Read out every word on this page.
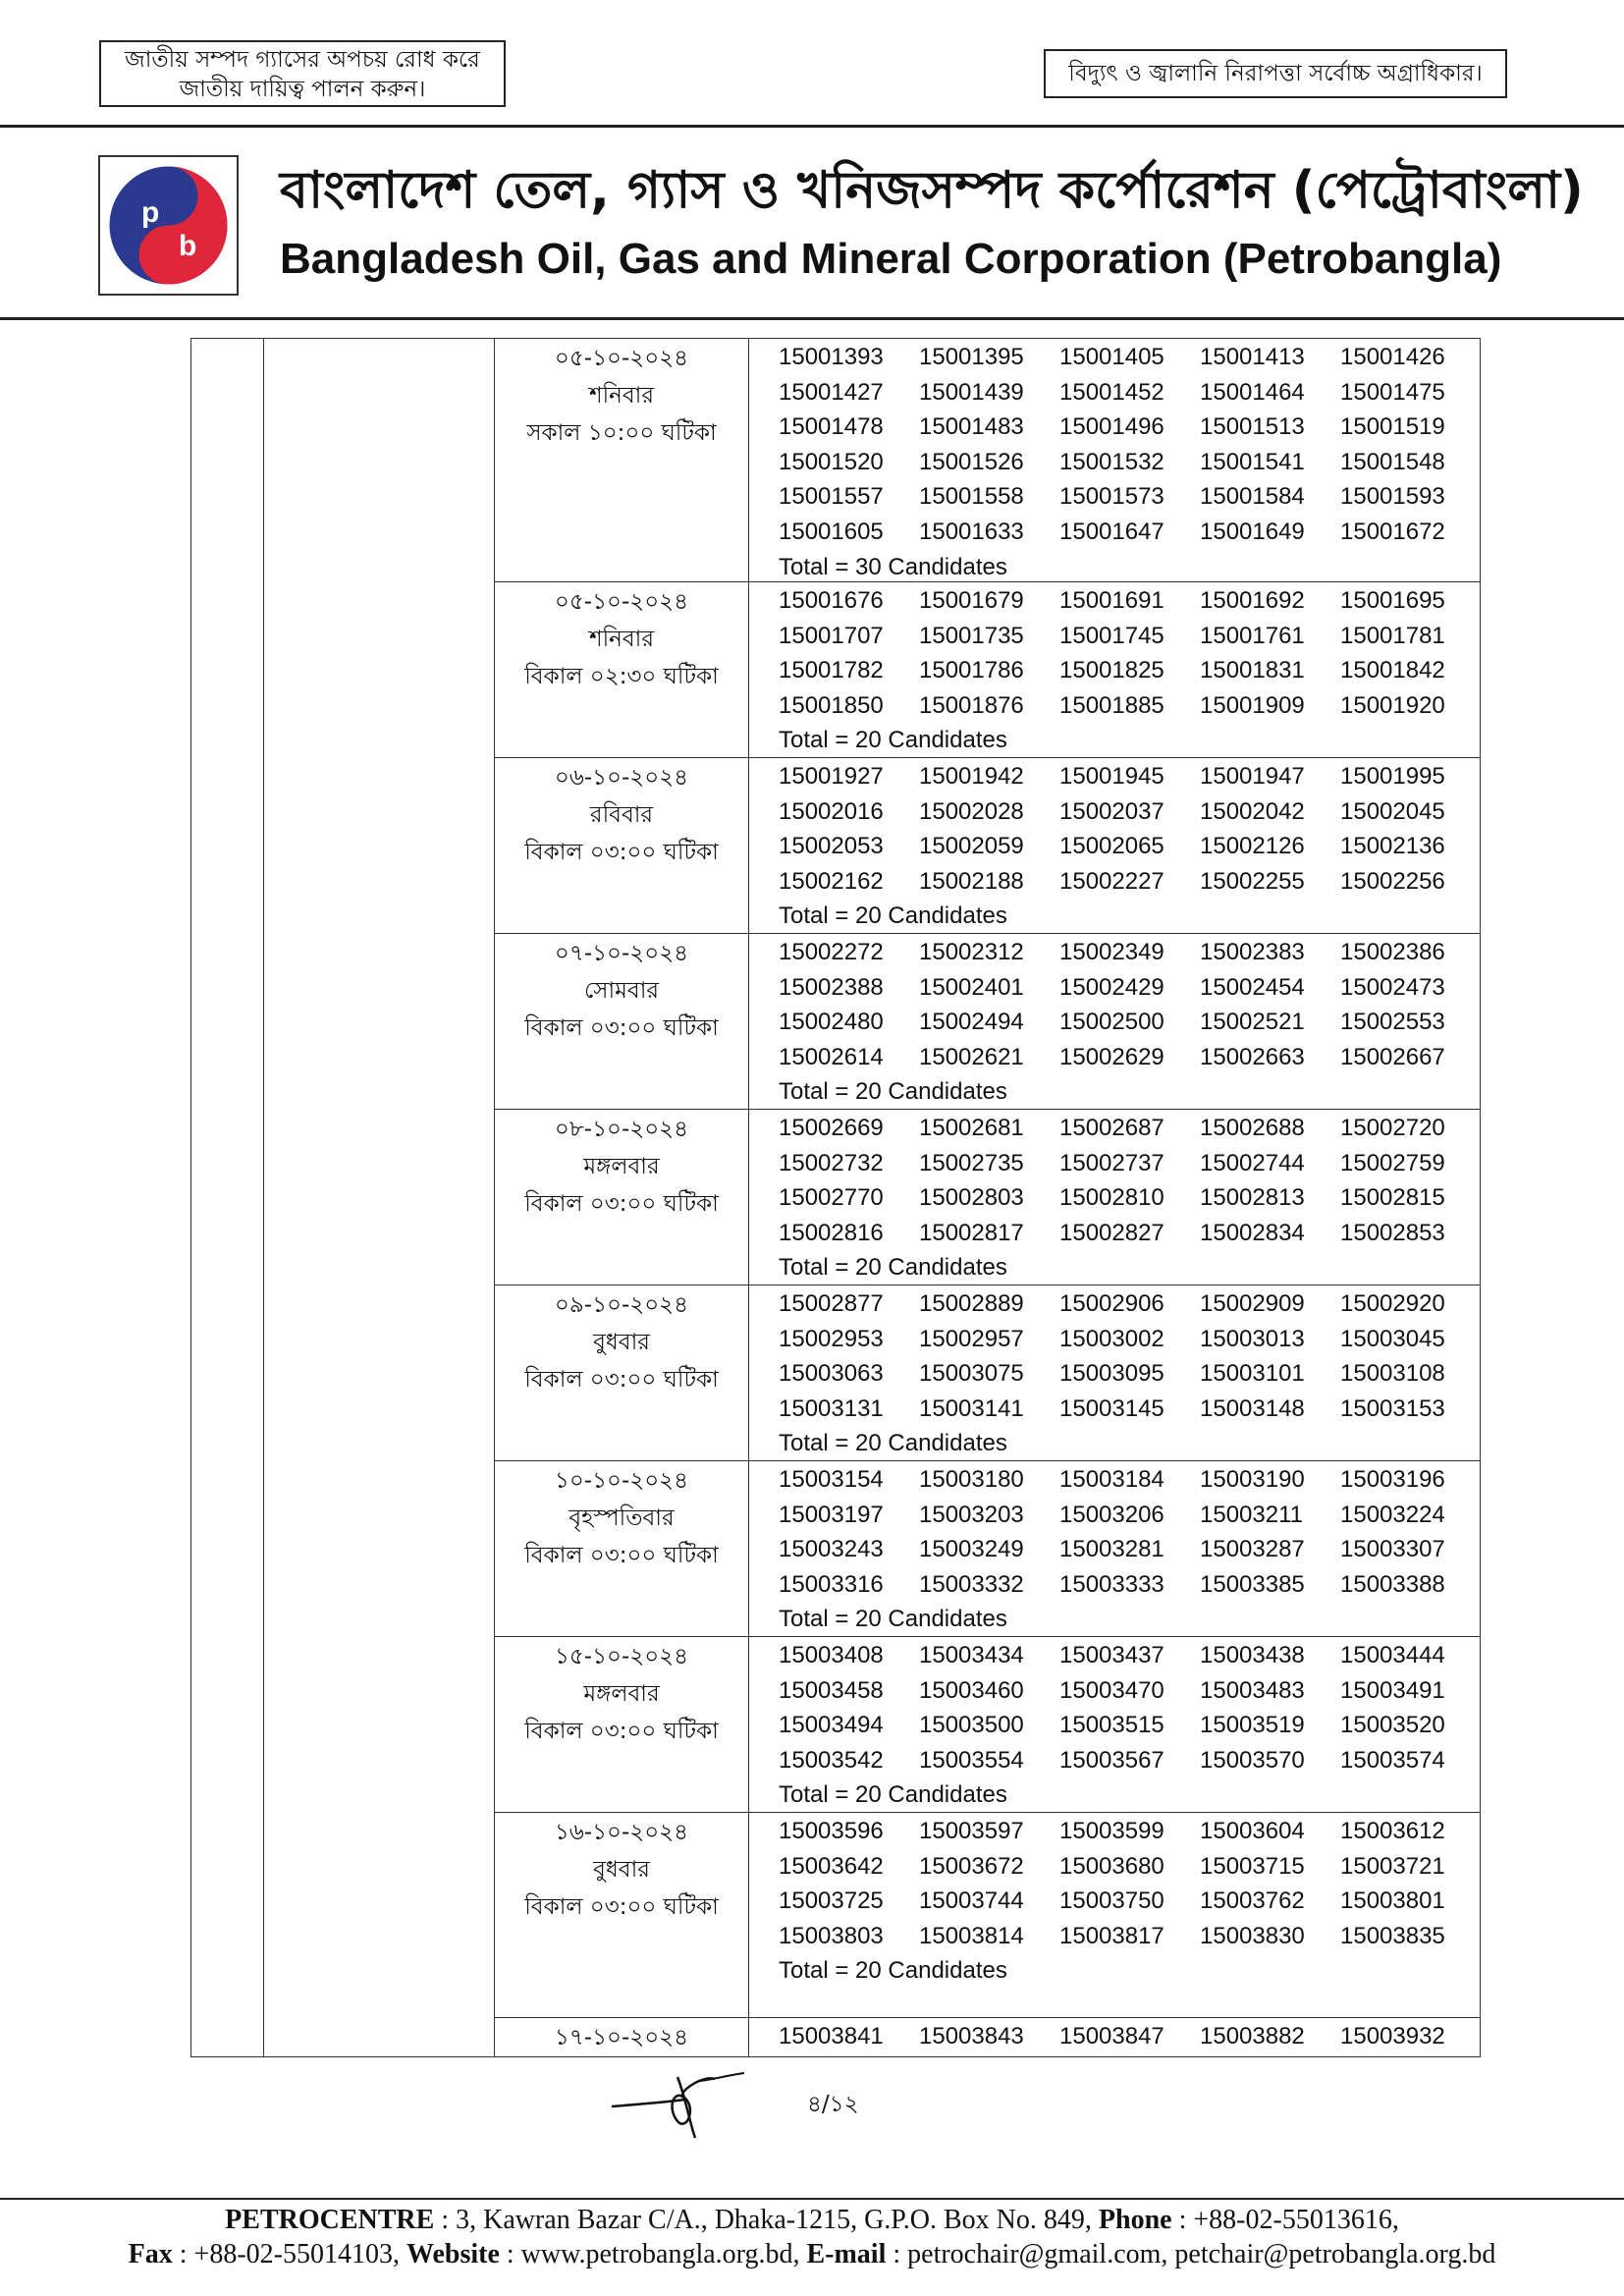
জাতীয় সম্পদ গ্যাসের অপচয় রোধ করে
জাতীয় দায়িত্ব পালন করুন।
বিদ্যুৎ ও জ্বালানি নিরাপত্তা সর্বোচ্চ অগ্রাধিকার।
p
b
বাংলাদেশ তেল, গ্যাস ও খনিজসম্পদ কর্পোরেশন (পেট্রোবাংলা)
Bangladesh Oil, Gas and Mineral Corporation (Petrobangla)
০৫-১০-২০২৪
শনিবার
সকাল ১০:০০ ঘটিকা
15001393 15001395 15001405 15001413 15001426
15001427 15001439 15001452 15001464 15001475
15001478 15001483 15001496 15001513 15001519
15001520 15001526 15001532 15001541 15001548
15001557 15001558 15001573 15001584 15001593
15001605 15001633 15001647 15001649 15001672
Total = 30 Candidates
০৫-১০-২০২৪
শনিবার
বিকাল ০২:৩০ ঘটিকা
15001676 15001679 15001691 15001692 15001695
15001707 15001735 15001745 15001761 15001781
15001782 15001786 15001825 15001831 15001842
15001850 15001876 15001885 15001909 15001920
Total = 20 Candidates
০৬-১০-২০২৪
রবিবার
বিকাল ০৩:০০ ঘটিকা
15001927 15001942 15001945 15001947 15001995
15002016 15002028 15002037 15002042 15002045
15002053 15002059 15002065 15002126 15002136
15002162 15002188 15002227 15002255 15002256
Total = 20 Candidates
০৭-১০-২০২৪
সোমবার
বিকাল ০৩:০০ ঘটিকা
15002272 15002312 15002349 15002383 15002386
15002388 15002401 15002429 15002454 15002473
15002480 15002494 15002500 15002521 15002553
15002614 15002621 15002629 15002663 15002667
Total = 20 Candidates
০৮-১০-২০২৪
মঙ্গলবার
বিকাল ০৩:০০ ঘটিকা
15002669 15002681 15002687 15002688 15002720
15002732 15002735 15002737 15002744 15002759
15002770 15002803 15002810 15002813 15002815
15002816 15002817 15002827 15002834 15002853
Total = 20 Candidates
০৯-১০-২০২৪
বুধবার
বিকাল ০৩:০০ ঘটিকা
15002877 15002889 15002906 15002909 15002920
15002953 15002957 15003002 15003013 15003045
15003063 15003075 15003095 15003101 15003108
15003131 15003141 15003145 15003148 15003153
Total = 20 Candidates
১০-১০-২০২৪
বৃহস্পতিবার
বিকাল ০৩:০০ ঘটিকা
15003154 15003180 15003184 15003190 15003196
15003197 15003203 15003206 15003211 15003224
15003243 15003249 15003281 15003287 15003307
15003316 15003332 15003333 15003385 15003388
Total = 20 Candidates
১৫-১০-২০২৪
মঙ্গলবার
বিকাল ০৩:০০ ঘটিকা
15003408 15003434 15003437 15003438 15003444
15003458 15003460 15003470 15003483 15003491
15003494 15003500 15003515 15003519 15003520
15003542 15003554 15003567 15003570 15003574
Total = 20 Candidates
১৬-১০-২০২৪
বুধবার
বিকাল ০৩:০০ ঘটিকা
15003596 15003597 15003599 15003604 15003612
15003642 15003672 15003680 15003715 15003721
15003725 15003744 15003750 15003762 15003801
15003803 15003814 15003817 15003830 15003835
Total = 20 Candidates
১৭-১০-২০২৪	15003841 15003843 15003847 15003882 15003932
৪/১২
PETROCENTRE : 3, Kawran Bazar C/A., Dhaka-1215, G.P.O. Box No. 849, Phone : +88-02-55013616,
Fax : +88-02-55014103, Website : www.petrobangla.org.bd, E-mail : petrochair@gmail.com, petchair@petrobangla.org.bd
